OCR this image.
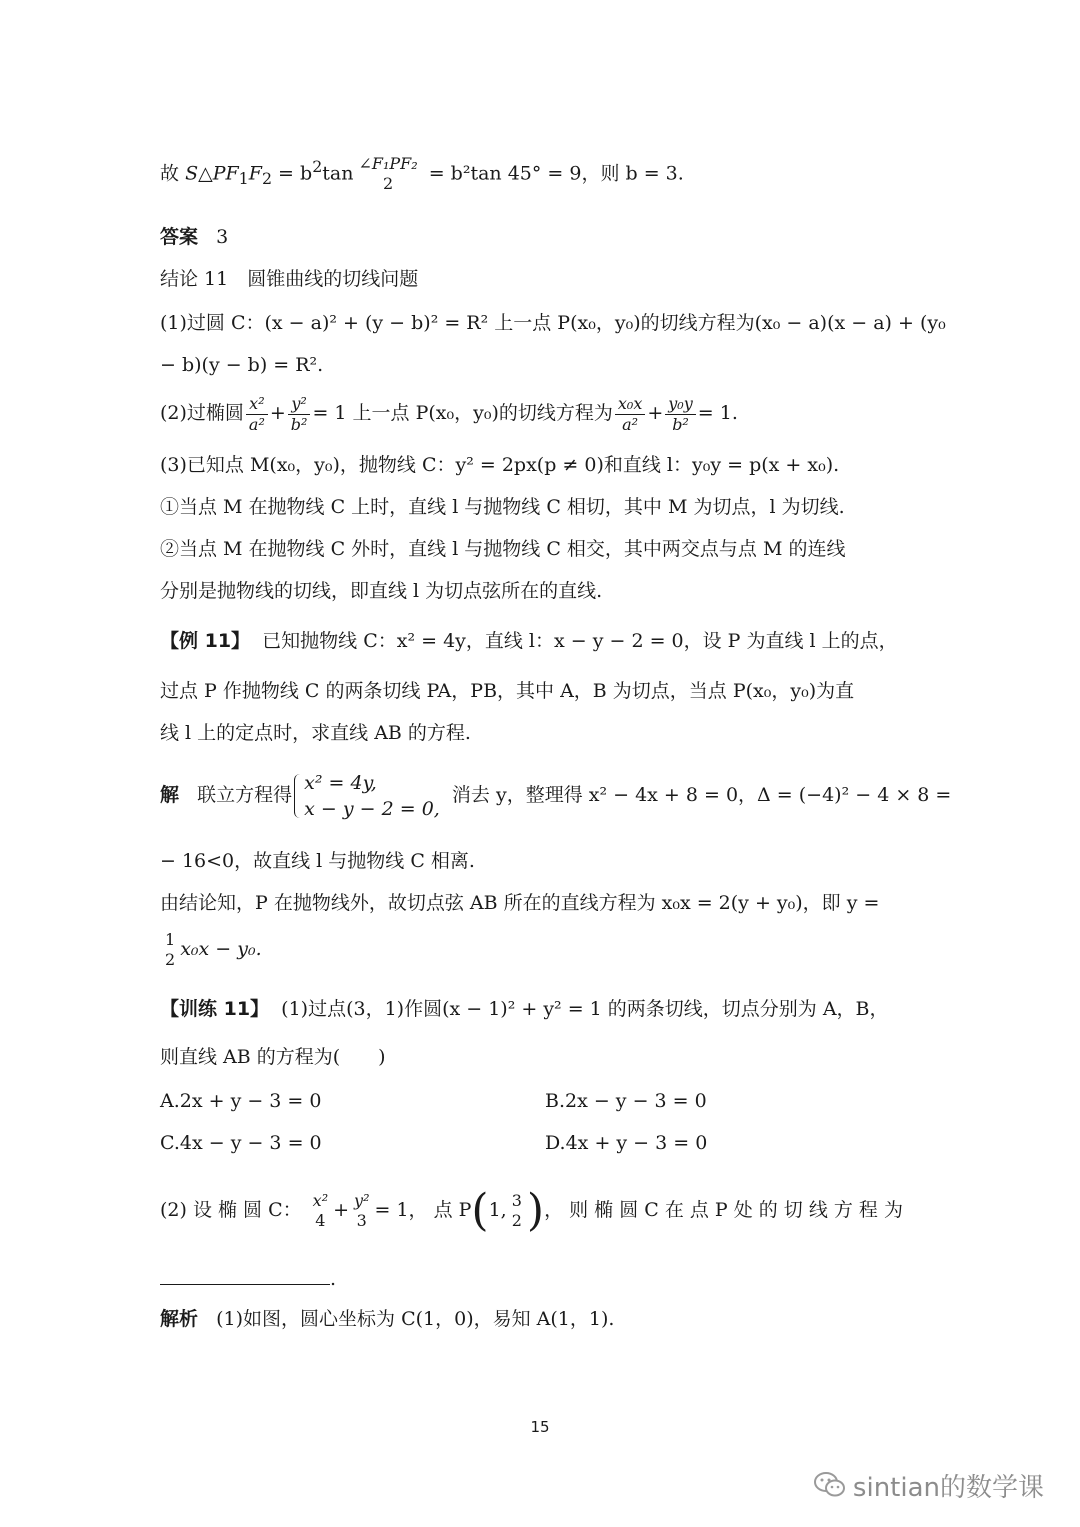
故 $S\triangle PF_1F_2 = b^2\tan$ ∠F₁PF₂
2	= b²tan 45° = 9，则 b = 3.
答案 3
结论 11　圆锥曲线的切线问题
(1)过圆 C：(x − a)² + (y − b)² = R² 上一点 P(x₀，y₀)的切线方程为(x₀ − a)(x − a) + (y₀
− b)(y − b) = R².
(2)过椭圆 $\frac{\text{x²}}{\text{a²}} + \frac{\text{y²}}{\text{b²}} = 1$ 上一点 P(x₀，y₀)的切线方程为 $\frac{\text{x₀x}}{\text{a²}} + \frac{\text{y₀y}}{\text{b²}} = 1$.
(3)已知点 M(x₀，y₀)，抛物线 C：y² = 2px(p ≠ 0)和直线 l：y₀y = p(x + x₀).
①当点 M 在抛物线 C 上时，直线 l 与抛物线 C 相切，其中 M 为切点，l 为切线.
②当点 M 在抛物线 C 外时，直线 l 与抛物线 C 相交，其中两交点与点 M 的连线
分别是抛物线的切线，即直线 l 为切点弦所在的直线.
【例 11】 已知抛物线 C：x² = 4y，直线 l：x − y − 2 = 0，设 P 为直线 l 上的点，
过点 P 作抛物线 C 的两条切线 PA，PB，其中 A，B 为切点，当点 P(x₀，y₀)为直
线 l 上的定点时，求直线 AB 的方程.
解 联立方程得
x² = 4y,
x − y − 2 = 0,
消去 y，整理得 x² − 4x + 8 = 0，Δ = (−4)² − 4 × 8 =
− 16<0，故直线 l 与抛物线 C 相离.
由结论知，P 在抛物线外，故切点弦 AB 所在的直线方程为 x₀x = 2(y + y₀)，即 y =
1
2 x₀x − y₀.
【训练 11】 (1)过点(3，1)作圆(x − 1)² + y² = 1 的两条切线，切点分别为 A，B，
则直线 AB 的方程为(　　)
A.2x + y − 3 = 0	B.2x − y − 3 = 0
C.4x − y − 3 = 0	D.4x + y − 3 = 0
(2) 设 椭 圆 C： x²
4 + y²
3 = 1， 点 P(1, 3
2 )， 则 椭 圆 C 在 点 P 处 的 切 线 方 程 为
.
解析 (1)如图，圆心坐标为 C(1，0)，易知 A(1，1).
15
sintian的数学课
